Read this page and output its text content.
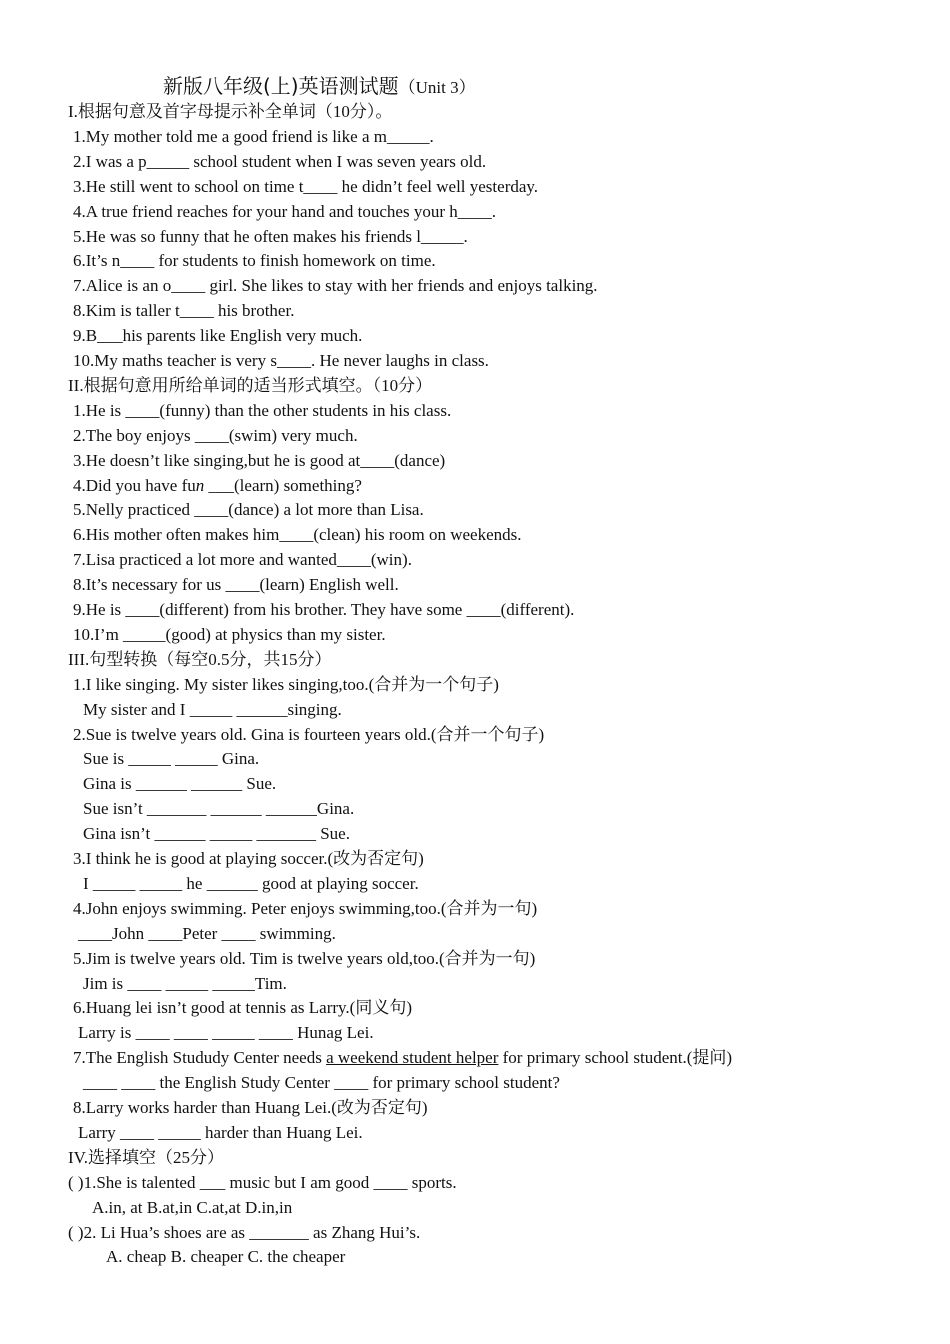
新版八年级(上)英语测试题（Unit 3）
I.根据句意及首字母提示补全单词（10分）。
1.My mother told me a good friend is like a m_____.
2.I was a p_____ school student when I was seven years old.
3.He still went to school on time t____ he didn’t feel well yesterday.
4.A true friend reaches for your hand and touches your h____.
5.He was so funny that he often makes his friends l_____.
6.It’s n____ for students to finish homework on time.
7.Alice is an o____ girl. She likes to stay with her friends and enjoys talking.
8.Kim is taller t____ his brother.
9.B___his parents like English very much.
10.My maths teacher is very s____. He never laughs in class.
II.根据句意用所给单词的适当形式填空。（10分）
1.He is ____(funny) than the other students in his class.
2.The boy enjoys ____(swim) very much.
3.He doesn’t like singing,but he is good at____(dance)
4.Did you have fun ___(learn) something?
5.Nelly practiced ____(dance) a lot more than Lisa.
6.His mother often makes him____(clean) his room on weekends.
7.Lisa practiced a lot more and wanted____(win).
8.It’s necessary for us ____(learn) English well.
9.He is ____(different) from his brother. They have some ____(different).
10.I’m _____(good) at physics than my sister.
III.句型转换（每空0.5分，共15分）
1.I like singing. My sister likes singing,too.(合并为一个句子)
My sister and I _____ ______singing.
2.Sue is twelve years old. Gina is fourteen years old.(合并一个句子)
Sue is _____ _____ Gina.
Gina is ______ ______ Sue.
Sue isn’t _______ ______ ______Gina.
Gina isn’t ______ _____ _______ Sue.
3.I think he is good at playing soccer.(改为否定句)
I _____ _____ he ______ good at playing soccer.
4.John enjoys swimming. Peter enjoys swimming,too.(合并为一句)
____John ____Peter ____ swimming.
5.Jim is twelve years old. Tim is twelve years old,too.(合并为一句)
Jim is ____ _____ _____Tim.
6.Huang lei isn’t good at tennis as Larry.(同义句)
Larry is ____ ____ _____ ____ Hunag Lei.
7.The English Stududy Center needs a weekend student helper for primary school student.(提问)
____ ____ the English Study Center ____ for primary school student?
8.Larry works harder than Huang Lei.(改为否定句)
Larry ____ _____ harder than Huang Lei.
IV.选择填空（25分）
( )1.She is talented ___ music but I am good ____ sports.
A.in, at B.at,in C.at,at D.in,in
( )2. Li Hua’s shoes are as _______ as Zhang Hui’s.
A. cheap B. cheaper C. the cheaper
